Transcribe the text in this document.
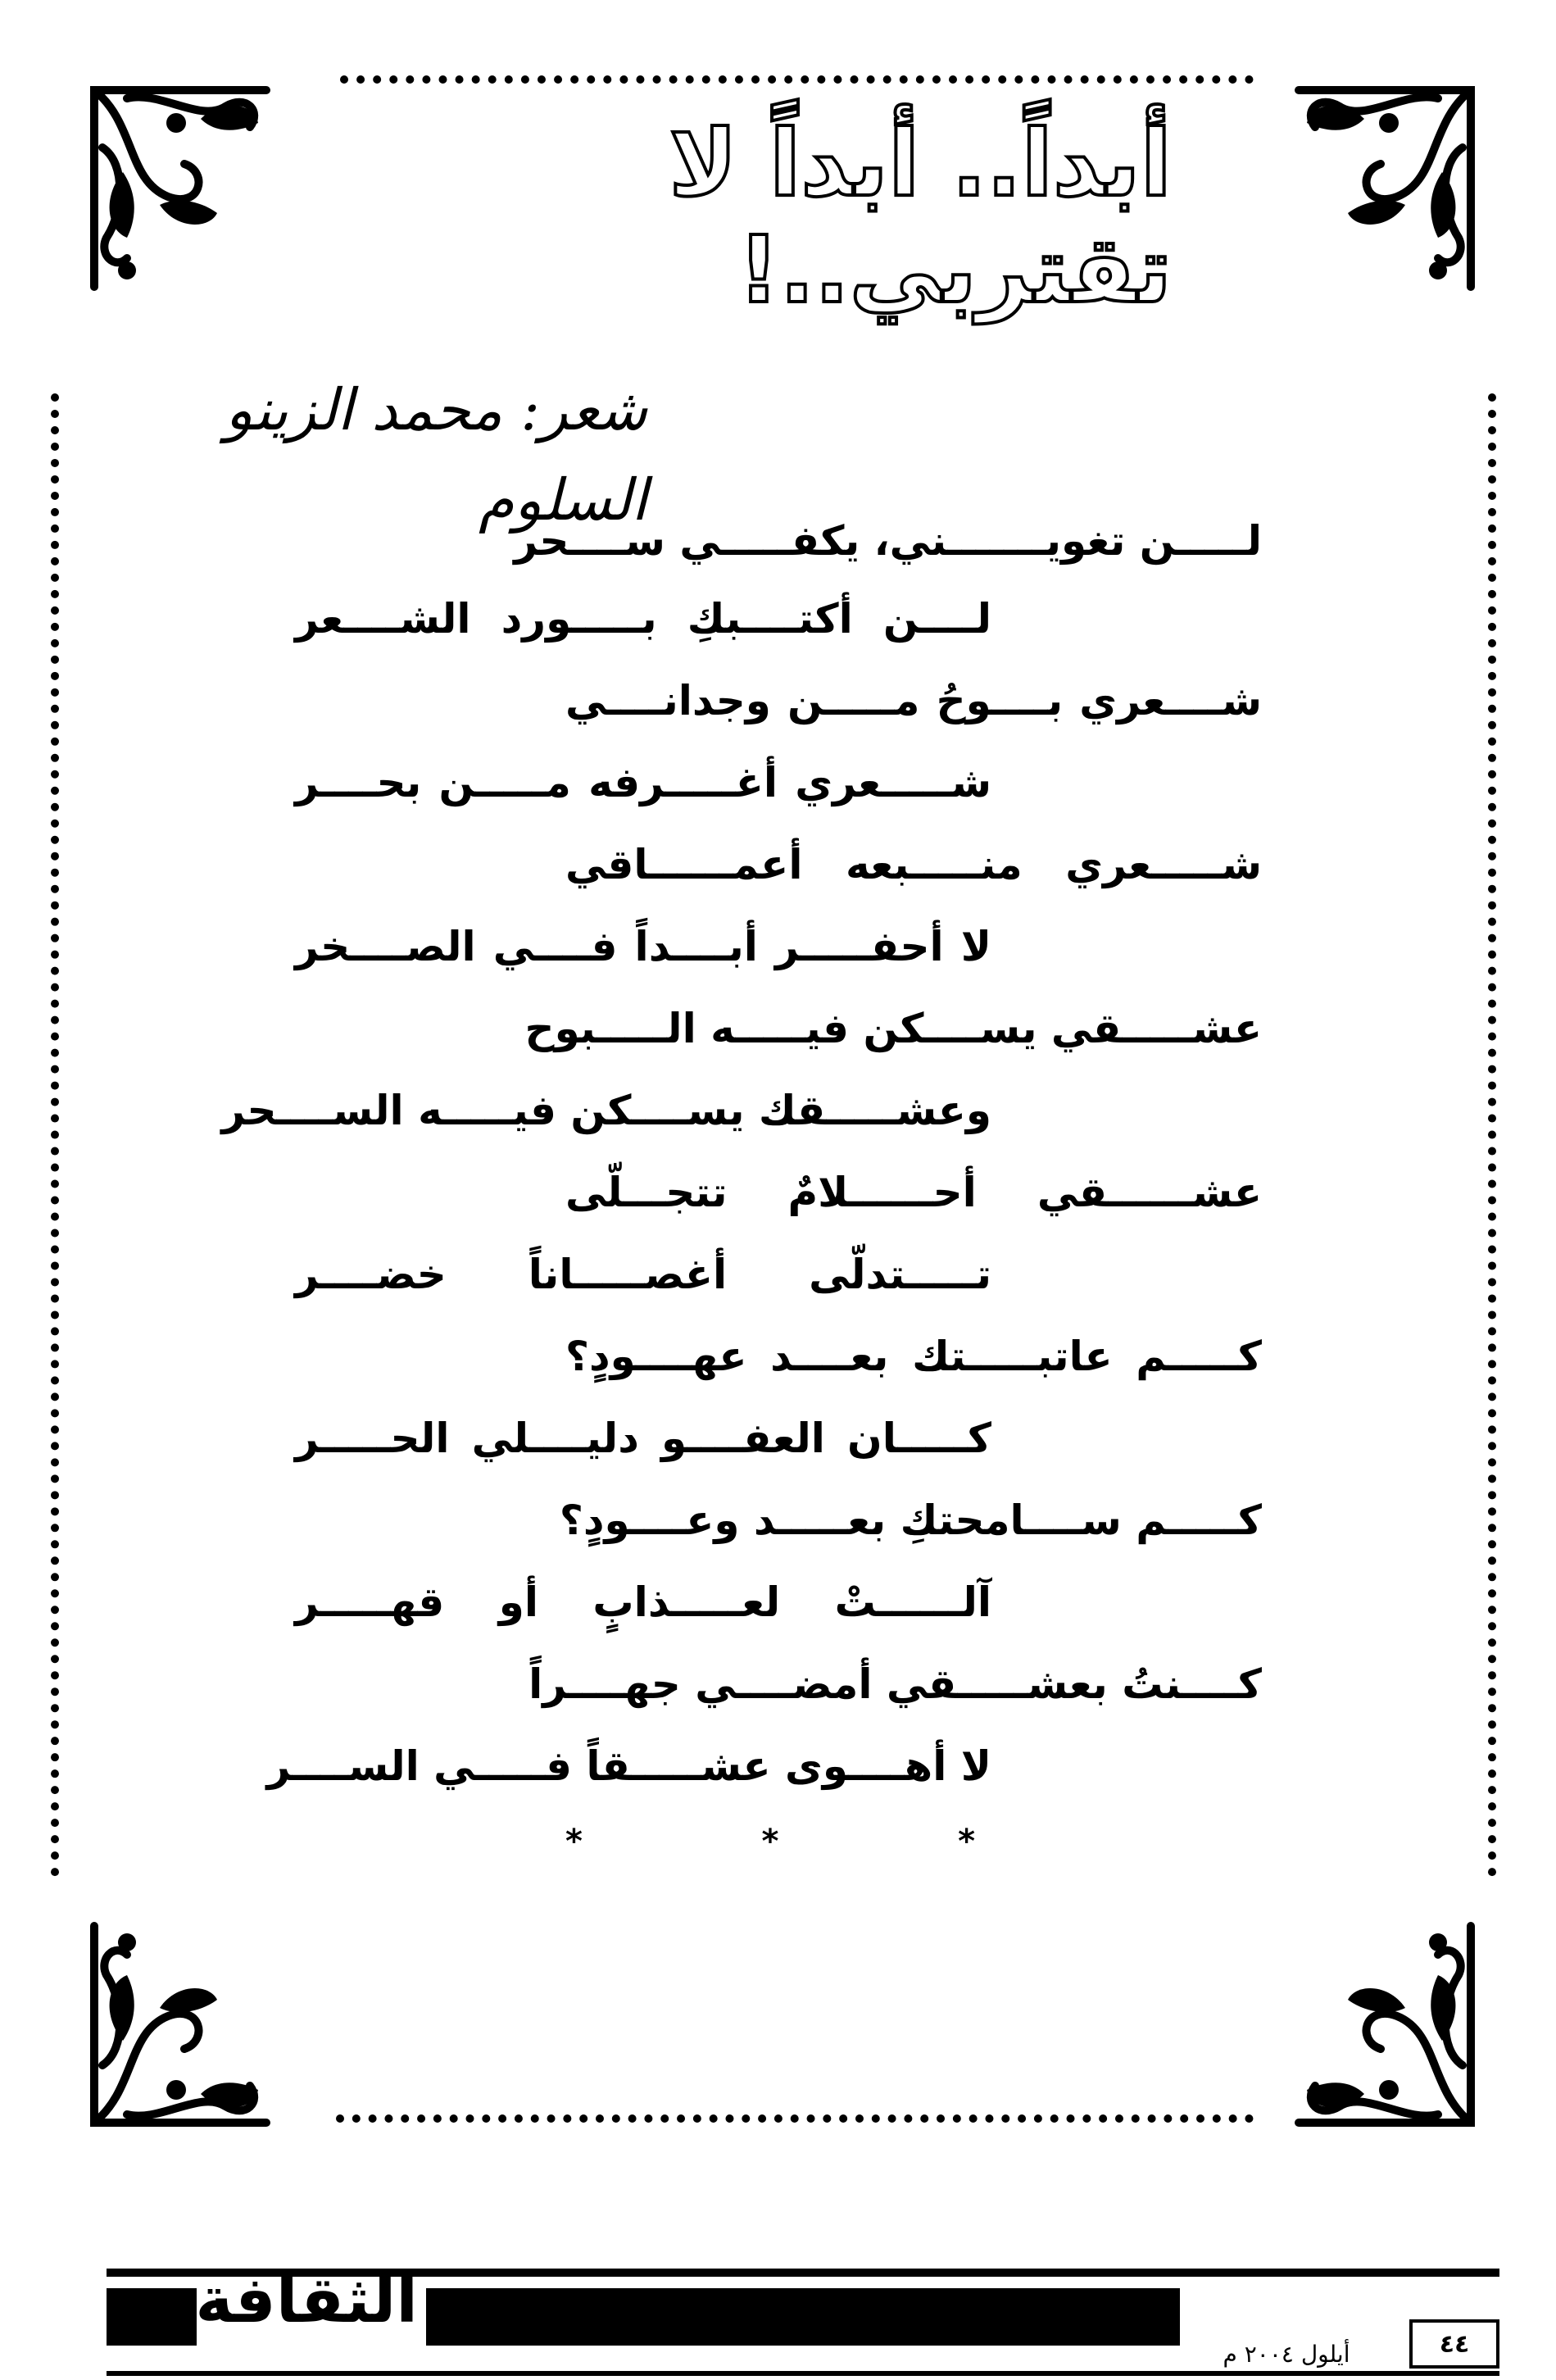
أبداً.. أبداً لا تقتربي..!
شعر: محمد الزينو السلوم
لـــــن تغويـــــــني، يكفـــــي ســــحر
لــــن أكتــــبكِ بـــــورد الشــــعر
شــــعري بــــوحُ مـــــن وجدانــــي
شـــــعري أغـــــرفه مـــــن بحــــر
شـــــعري منـــــبعه أعمــــــاقي
لا أحفـــــر أبــــداً فــــي الصــــخر
عشـــــقي يســــكن فيـــــه الـــــبوح
وعشـــــقك يســــكن فيـــــه الســــحر
عشــــــقي أحــــــلامٌ تتجـــلّى
تـــــتدلّى أغصـــــاناً خضــــر
كـــــم عاتبـــــتك بعــــد عهــــودٍ؟
كـــــان العفــــو دليــــلي الحـــــر
كـــــم ســــامحتكِ بعـــــد وعــــودٍ؟
آلــــــتْ لعـــــذابٍ أو قهـــــر
كــــنتُ بعشـــــقي أمضــــي جهــــراً
لا أهــــوى عشـــــقاً فـــــي الســــر
*	*	*
الثقافة
أيلول ٢٠٠٤ م	٤٤
